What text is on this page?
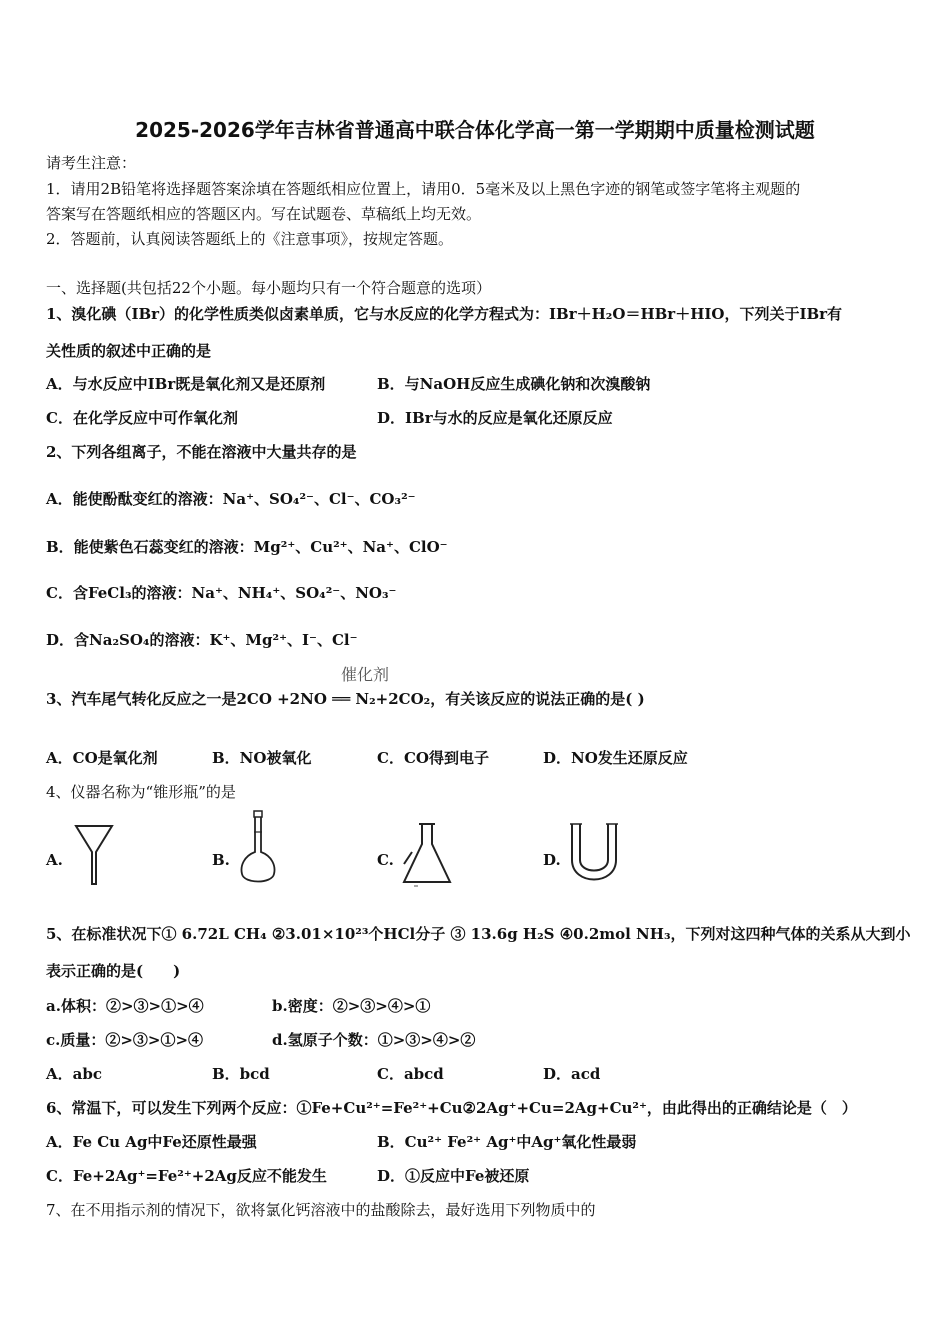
2025-2026学年吉林省普通高中联合体化学高一第一学期期中质量检测试题
请考生注意：
1．请用2B铅笔将选择题答案涂填在答题纸相应位置上，请用0．5毫米及以上黑色字迹的钢笔或签字笔将主观题的
答案写在答题纸相应的答题区内。写在试题卷、草稿纸上均无效。
2．答题前，认真阅读答题纸上的《注意事项》，按规定答题。
一、选择题(共包括22个小题。每小题均只有一个符合题意的选项）
1、溴化碘（IBr）的化学性质类似卤素单质，它与水反应的化学方程式为：IBr＋H₂O＝HBr＋HIO，下列关于IBr有
关性质的叙述中正确的是
A．与水反应中IBr既是氧化剂又是还原剂	B．与NaOH反应生成碘化钠和次溴酸钠
C．在化学反应中可作氧化剂	D．IBr与水的反应是氧化还原反应
2、下列各组离子，不能在溶液中大量共存的是
A．能使酚酞变红的溶液：Na⁺、SO₄²⁻、Cl⁻、CO₃²⁻
B．能使紫色石蕊变红的溶液：Mg²⁺、Cu²⁺、Na⁺、ClO⁻
C．含FeCl₃的溶液：Na⁺、NH₄⁺、SO₄²⁻、NO₃⁻
D．含Na₂SO₄的溶液：K⁺、Mg²⁺、I⁻、Cl⁻
催化剂
3、汽车尾气转化反应之一是2CO +2NO ══ N₂+2CO₂，有关该反应的说法正确的是( )
A．CO是氧化剂	B．NO被氧化	C．CO得到电子	D．NO发生还原反应
4、仪器名称为“锥形瓶”的是
A.	B.	C.	D.
5、在标准状况下① 6.72L CH₄ ②3.01×10²³个HCl分子 ③ 13.6g H₂S ④0.2mol NH₃，下列对这四种气体的关系从大到小
表示正确的是(　　)
a.体积：②>③>①>④	b.密度：②>③>④>①
c.质量：②>③>①>④	d.氢原子个数：①>③>④>②
A．abc	B．bcd	C．abcd	D．acd
6、常温下，可以发生下列两个反应：①Fe+Cu²⁺=Fe²⁺+Cu②2Ag⁺+Cu=2Ag+Cu²⁺，由此得出的正确结论是（　）
A．Fe Cu Ag中Fe还原性最强	B．Cu²⁺ Fe²⁺ Ag⁺中Ag⁺氧化性最弱
C．Fe+2Ag⁺=Fe²⁺+2Ag反应不能发生	D．①反应中Fe被还原
7、在不用指示剂的情况下，欲将氯化钙溶液中的盐酸除去，最好选用下列物质中的
